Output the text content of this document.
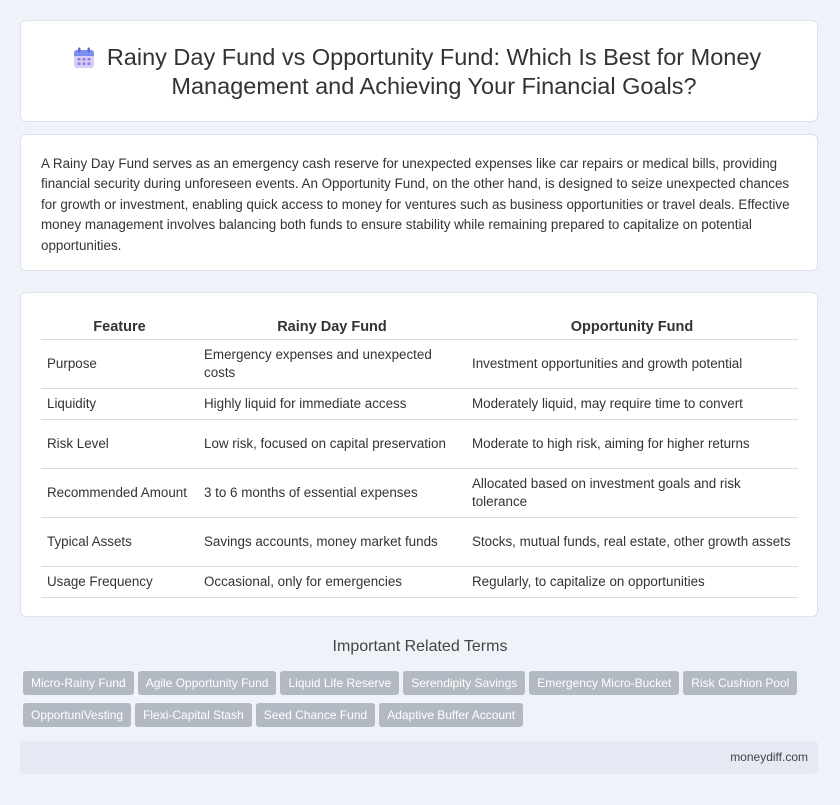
Rainy Day Fund vs Opportunity Fund: Which Is Best for Money Management and Achieving Your Financial Goals?

A Rainy Day Fund serves as an emergency cash reserve for unexpected expenses like car repairs or medical bills, providing financial security during unforeseen events. An Opportunity Fund, on the other hand, is designed to seize unexpected chances for growth or investment, enabling quick access to money for ventures such as business opportunities or travel deals. Effective money management involves balancing both funds to ensure stability while remaining prepared to capitalize on potential opportunities.

Feature	Rainy Day Fund	Opportunity Fund
Purpose	Emergency expenses and unexpected costs	Investment opportunities and growth potential
Liquidity	Highly liquid for immediate access	Moderately liquid, may require time to convert
Risk Level	Low risk, focused on capital preservation	Moderate to high risk, aiming for higher returns
Recommended Amount	3 to 6 months of essential expenses	Allocated based on investment goals and risk tolerance
Typical Assets	Savings accounts, money market funds	Stocks, mutual funds, real estate, other growth assets
Usage Frequency	Occasional, only for emergencies	Regularly, to capitalize on opportunities
Important Related Terms
Micro-Rainy Fund Agile Opportunity Fund Liquid Life Reserve Serendipity Savings Emergency Micro-Bucket Risk Cushion PoolOpportuniVesting Flexi-Capital Stash Seed Chance Fund Adaptive Buffer Account
moneydiff.com
